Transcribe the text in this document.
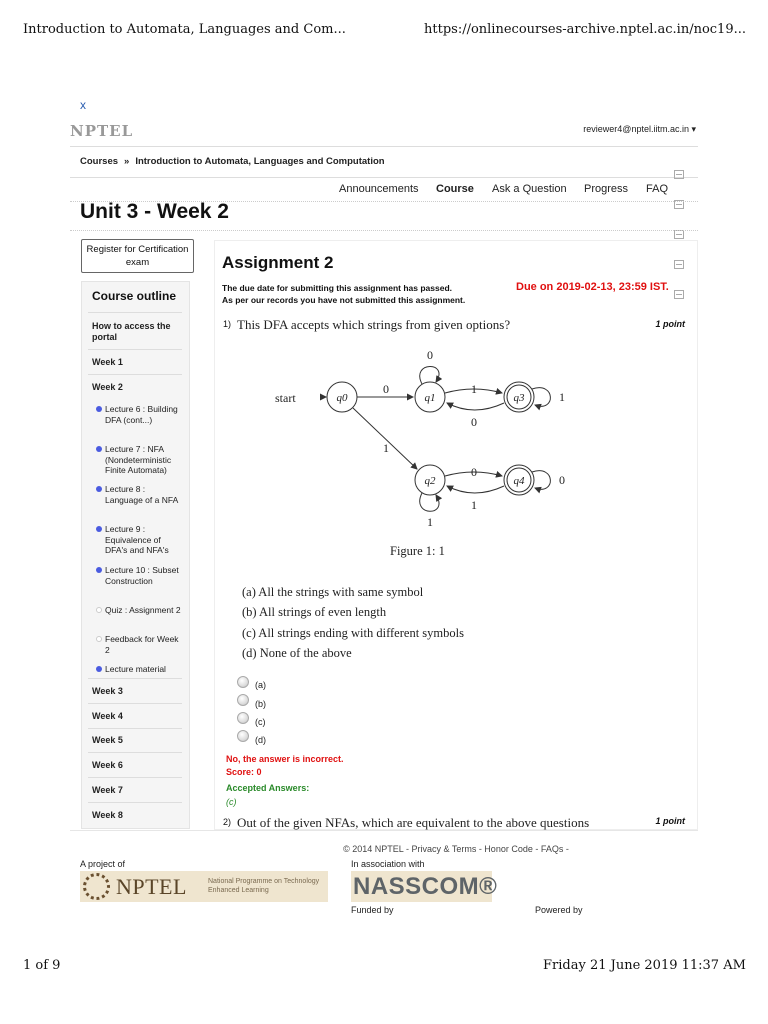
Introduction to Automata, Languages and Com...	https://onlinecourses-archive.nptel.ac.in/noc19...
x
NPTEL	reviewer4@nptel.iitm.ac.in ▾
Courses » Introduction to Automata, Languages and Computation
Announcements Course Ask a Question Progress FAQ
Unit 3 - Week 2
Register for Certification exam
Course outline
How to access the portal
Week 1
Week 2
Lecture 6 : Building DFA (cont...)
Lecture 7 : NFA (Nondeterministic Finite Automata)
Lecture 8 : Language of a NFA
Lecture 9 : Equivalence of DFA's and NFA's
Lecture 10 : Subset Construction
Quiz : Assignment 2
Feedback for Week 2
Lecture material
Week 3
Week 4
Week 5
Week 6
Week 7
Week 8
Assignment 2
The due date for submitting this assignment has passed.
As per our records you have not submitted this assignment.
Due on 2019-02-13, 23:59 IST.
1) This DFA accepts which strings from given options?	1 point
start	q0	q1
q2
q3
q4
0
0	1
1
0
1
1
0
1
0
Figure 1: 1
(a) All the strings with same symbol
(b) All strings of even length
(c) All strings ending with different symbols
(d) None of the above
(a)
(b)
(c)
(d)
No, the answer is incorrect.
Score: 0
Accepted Answers:
(c)
2) Out of the given NFAs, which are equivalent to the above questions	1 point
© 2014 NPTEL - Privacy & Terms - Honor Code - FAQs -
A project of	In association with
NPTEL	National Programme on Technology Enhanced Learning	NASSCOM®
Funded by	Powered by
1 of 9	Friday 21 June 2019 11:37 AM
